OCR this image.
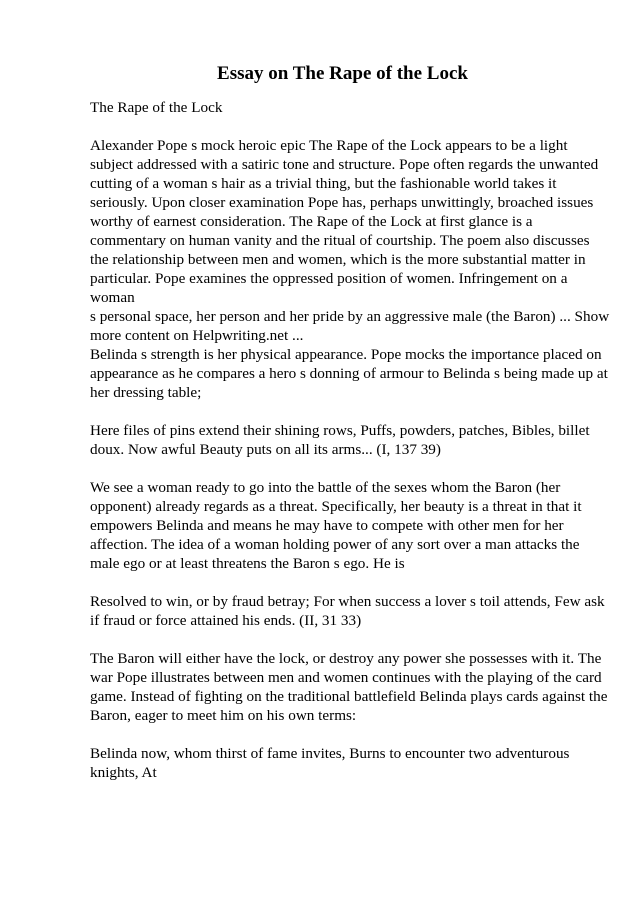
Essay on The Rape of the Lock

The Rape of the Lock

Alexander Pope s mock heroic epic The Rape of the Lock appears to be a light
subject addressed with a satiric tone and structure. Pope often regards the unwanted
cutting of a woman s hair as a trivial thing, but the fashionable world takes it
seriously. Upon closer examination Pope has, perhaps unwittingly, broached issues
worthy of earnest consideration. The Rape of the Lock at first glance is a
commentary on human vanity and the ritual of courtship. The poem also discusses
the relationship between men and women, which is the more substantial matter in
particular. Pope examines the oppressed position of women. Infringement on a woman
s personal space, her person and her pride by an aggressive male (the Baron) ... Show
more content on Helpwriting.net ...

Belinda s strength is her physical appearance. Pope mocks the importance placed on
appearance as he compares a hero s donning of armour to Belinda s being made up at
her dressing table;

Here files of pins extend their shining rows, Puffs, powders, patches, Bibles, billet
doux. Now awful Beauty puts on all its arms... (I, 137 39)

We see a woman ready to go into the battle of the sexes whom the Baron (her
opponent) already regards as a threat. Specifically, her beauty is a threat in that it
empowers Belinda and means he may have to compete with other men for her
affection. The idea of a woman holding power of any sort over a man attacks the
male ego or at least threatens the Baron s ego. He is

Resolved to win, or by fraud betray; For when success a lover s toil attends, Few ask
if fraud or force attained his ends. (II, 31 33)

The Baron will either have the lock, or destroy any power she possesses with it. The
war Pope illustrates between men and women continues with the playing of the card
game. Instead of fighting on the traditional battlefield Belinda plays cards against the
Baron, eager to meet him on his own terms:

Belinda now, whom thirst of fame invites, Burns to encounter two adventurous
knights, At
